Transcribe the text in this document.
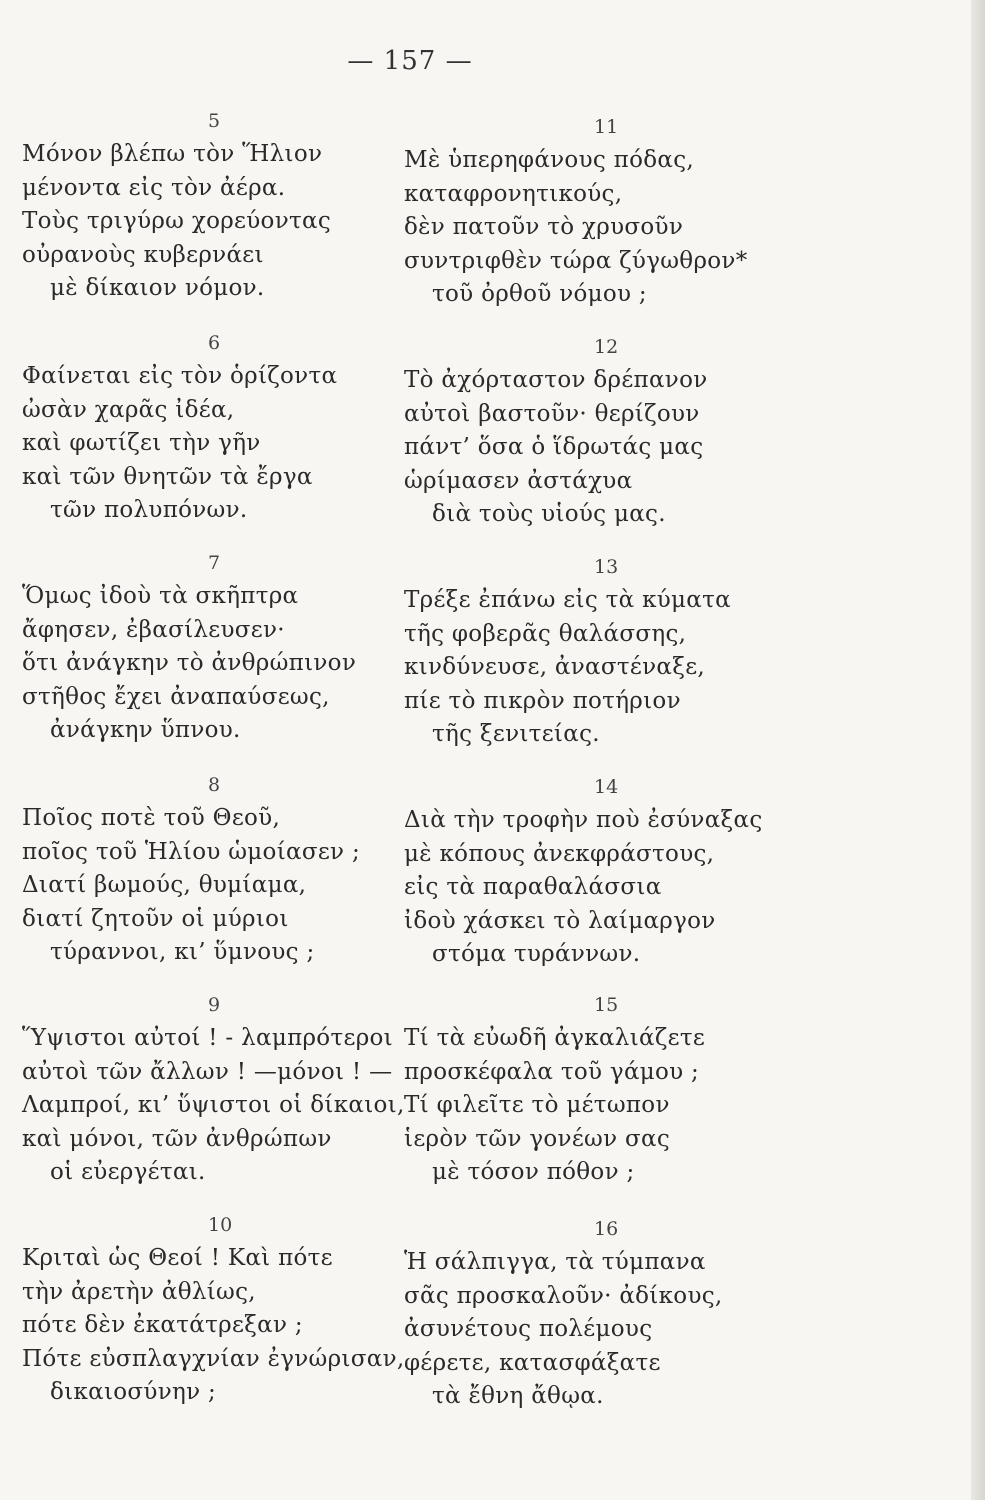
— 157 —
5
Μόνον βλέπω τὸν Ἥλιον
μένοντα εἰς τὸν ἀέρα.
Τοὺς τριγύρω χορεύοντας
οὐρανοὺς κυβερνάει
μὲ δίκαιον νόμον.
6
Φαίνεται εἰς τὸν ὁρίζοντα
ὠσὰν χαρᾶς ἰδέα,
καὶ φωτίζει τὴν γῆν
καὶ τῶν θνητῶν τὰ ἔργα
τῶν πολυπόνων.
7
Ὅμως ἰδοὺ τὰ σκῆπτρα
ἄφησεν, ἐβασίλευσεν·
ὅτι ἀνάγκην τὸ ἀνθρώπινον
στῆθος ἔχει ἀναπαύσεως,
ἀνάγκην ὕπνου.
8
Ποῖος ποτὲ τοῦ Θεοῦ,
ποῖος τοῦ Ἡλίου ὡμοίασεν ;
Διατί βωμούς, θυμίαμα,
διατί ζητοῦν οἱ μύριοι
τύραννοι, κι’ ὕμνους ;
9
Ὕψιστοι αὐτοί ! - λαμπρότεροι
αὐτοὶ τῶν ἄλλων ! —μόνοι ! —
Λαμπροί, κι’ ὕψιστοι οἱ δίκαιοι,
καὶ μόνοι, τῶν ἀνθρώπων
οἱ εὐεργέται.
10
Κριταὶ ὡς Θεοί ! Καὶ πότε
τὴν ἀρετὴν ἀθλίως,
πότε δὲν ἐκατάτρεξαν ;
Πότε εὐσπλαγχνίαν ἐγνώρισαν,
δικαιοσύνην ;
11
Μὲ ὑπερηφάνους πόδας,
καταφρονητικούς,
δὲν πατοῦν τὸ χρυσοῦν
συντριφθὲν τώρα ζύγωθρον*
τοῦ ὀρθοῦ νόμου ;
12
Τὸ ἀχόρταστον δρέπανον
αὐτοὶ βαστοῦν· θερίζουν
πάντ’ ὅσα ὁ ἵδρωτάς μας
ὡρίμασεν ἀστάχυα
διὰ τοὺς υἱούς μας.
13
Τρέξε ἐπάνω εἰς τὰ κύματα
τῆς φοβερᾶς θαλάσσης,
κινδύνευσε, ἀναστέναξε,
πίε τὸ πικρὸν ποτήριον
τῆς ξενιτείας.
14
Διὰ τὴν τροφὴν ποὺ ἐσύναξας
μὲ κόπους ἀνεκφράστους,
εἰς τὰ παραθαλάσσια
ἰδοὺ χάσκει τὸ λαίμαργον
στόμα τυράννων.
15
Τί τὰ εὐωδῆ ἀγκαλιάζετε
προσκέφαλα τοῦ γάμου ;
Τί φιλεῖτε τὸ μέτωπον
ἱερὸν τῶν γονέων σας
μὲ τόσον πόθον ;
16
Ἡ σάλπιγγα, τὰ τύμπανα
σᾶς προσκαλοῦν· ἀδίκους,
ἀσυνέτους πολέμους
φέρετε, κατασφάξατε
τὰ ἔθνη ἄθῳα.
